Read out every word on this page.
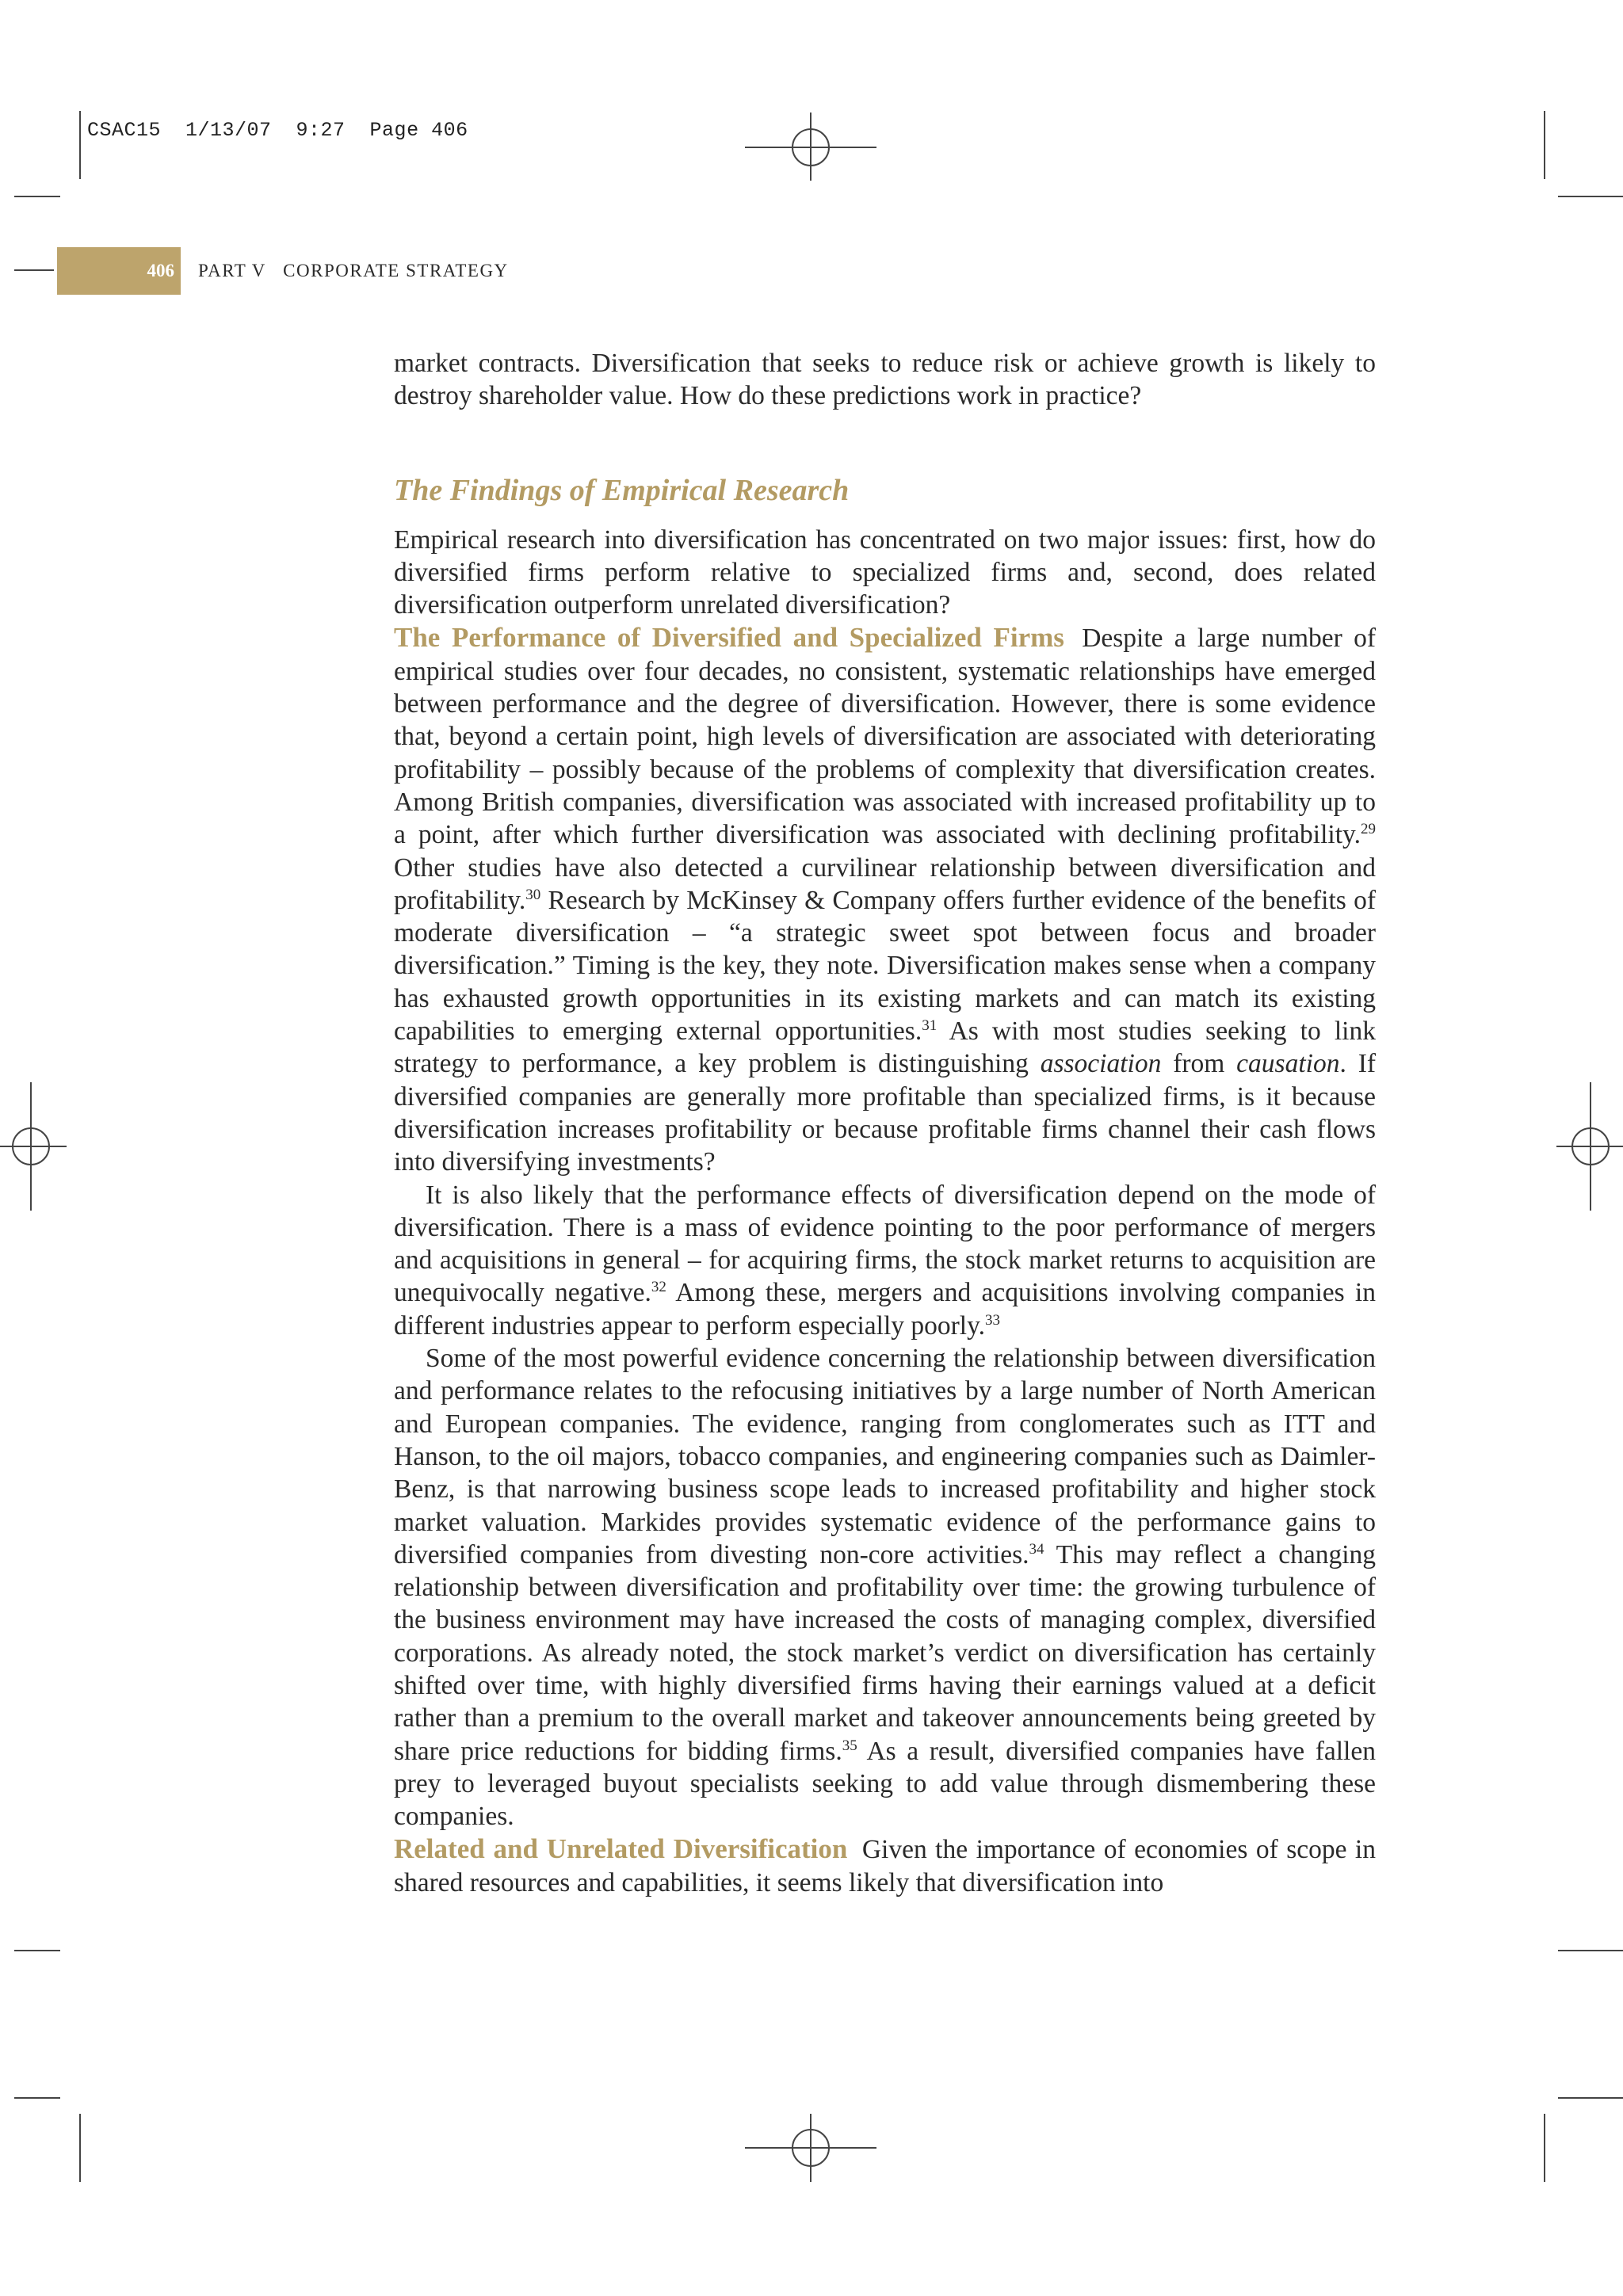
CSAC15  1/13/07  9:27  Page 406
406 PART V   CORPORATE STRATEGY

market contracts. Diversification that seeks to reduce risk or achieve growth is likely to destroy shareholder value. How do these predictions work in practice?

The Findings of Empirical Research

Empirical research into diversification has concentrated on two major issues: first, how do diversified firms perform relative to specialized firms and, second, does related diversification outperform unrelated diversification?

The Performance of Diversified and Specialized Firms Despite a large number of empirical studies over four decades, no consistent, systematic relationships have emerged between performance and the degree of diversification. However, there is some evidence that, beyond a certain point, high levels of diversification are associated with deteriorating profitability – possibly because of the problems of complexity that diversification creates. Among British companies, diversification was associated with increased profitability up to a point, after which further diversification was associated with declining profitability.$^{29}$ Other studies have also detected a curvilinear relationship between diversification and profitability.$^{30}$ Research by McKinsey & Company offers further evidence of the benefits of moderate diversification – “a strategic sweet spot between focus and broader diversification.” Timing is the key, they note. Diversification makes sense when a company has exhausted growth opportunities in its existing markets and can match its existing capabilities to emerging external opportunities.$^{31}$ As with most studies seeking to link strategy to performance, a key problem is distinguishing association from causation. If diversified companies are generally more profitable than specialized firms, is it because diversification increases profitability or because profitable firms channel their cash flows into diversifying investments?

It is also likely that the performance effects of diversification depend on the mode of diversification. There is a mass of evidence pointing to the poor performance of mergers and acquisitions in general – for acquiring firms, the stock market returns to acquisition are unequivocally negative.$^{32}$ Among these, mergers and acquisitions involving companies in different industries appear to perform especially poorly.$^{33}$

Some of the most powerful evidence concerning the relationship between diversification and performance relates to the refocusing initiatives by a large number of North American and European companies. The evidence, ranging from conglomerates such as ITT and Hanson, to the oil majors, tobacco companies, and engineering companies such as Daimler-Benz, is that narrowing business scope leads to increased profitability and higher stock market valuation. Markides provides systematic evidence of the performance gains to diversified companies from divesting non-core activities.$^{34}$ This may reflect a changing relationship between diversification and profitability over time: the growing turbulence of the business environment may have increased the costs of managing complex, diversified corporations. As already noted, the stock market’s verdict on diversification has certainly shifted over time, with highly diversified firms having their earnings valued at a deficit rather than a premium to the overall market and takeover announcements being greeted by share price reductions for bidding firms.$^{35}$ As a result, diversified companies have fallen prey to leveraged buyout specialists seeking to add value through dismembering these companies.

Related and Unrelated Diversification Given the importance of economies of scope in shared resources and capabilities, it seems likely that diversification into
